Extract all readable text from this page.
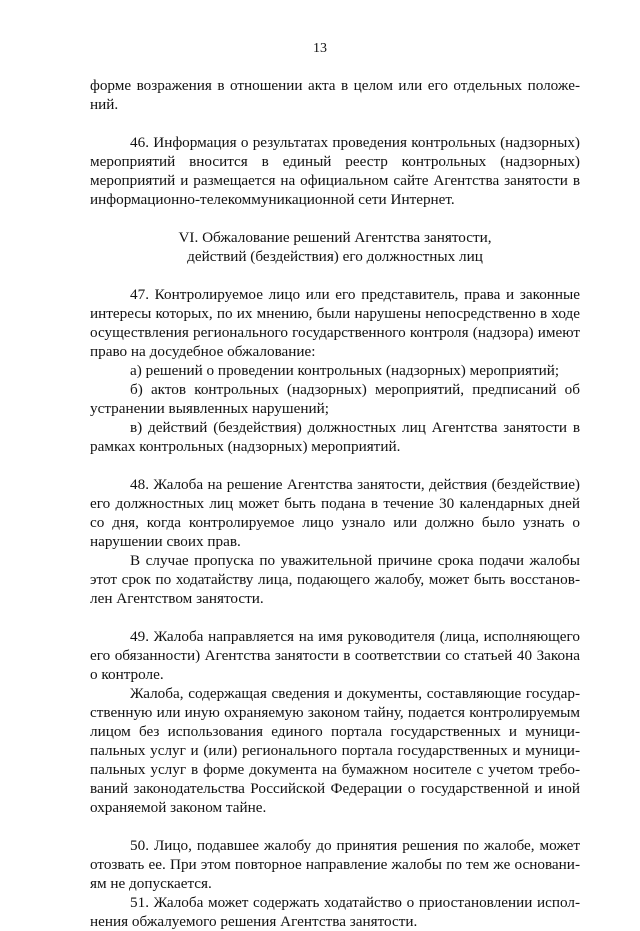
13

форме возражения в отношении акта в целом или его отдельных положений.

46. Информация о результатах проведения контрольных (надзорных) мероприятий вносится в единый реестр контрольных (надзорных) мероприятий и размещается на официальном сайте Агентства занятости в информационно-телекоммуникационной сети Интернет.

VI. Обжалование решений Агентства занятости,

действий (бездействия) его должностных лиц

47. Контролируемое лицо или его представитель, права и законные интересы которых, по их мнению, были нарушены непосредственно в ходе осуществления регионального государственного контроля (надзора) имеют право на досудебное обжалование:

а) решений о проведении контрольных (надзорных) мероприятий;

б) актов контрольных (надзорных) мероприятий, предписаний об устранении выявленных нарушений;

в) действий (бездействия) должностных лиц Агентства занятости в рамках контрольных (надзорных) мероприятий.

48. Жалоба на решение Агентства занятости, действия (бездействие) его должностных лиц может быть подана в течение 30 календарных дней со дня, когда контролируемое лицо узнало или должно было узнать о нарушении своих прав.

В случае пропуска по уважительной причине срока подачи жалобы этот срок по ходатайству лица, подающего жалобу, может быть восстановлен Агентством занятости.

49. Жалоба направляется на имя руководителя (лица, исполняющего его обязанности) Агентства занятости в соответствии со статьей 40 Закона о контроле.

Жалоба, содержащая сведения и документы, составляющие государственную или иную охраняемую законом тайну, подается контролируемым лицом без использования единого портала государственных и муниципальных услуг и (или) регионального портала государственных и муниципальных услуг в форме документа на бумажном носителе с учетом требований законодательства Российской Федерации о государственной и иной охраняемой законом тайне.

50. Лицо, подавшее жалобу до принятия решения по жалобе, может отозвать ее. При этом повторное направление жалобы по тем же основаниям не допускается.

51. Жалоба может содержать ходатайство о приостановлении исполнения обжалуемого решения Агентства занятости.
